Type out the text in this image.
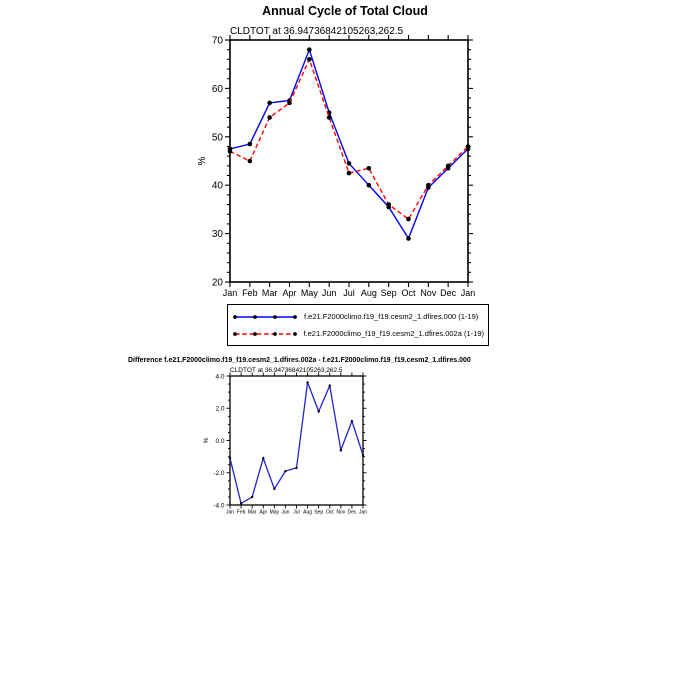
Annual Cycle of Total Cloud
CLDTOT at 36.94736842105263,262.5
20
30
40
50
60
70
Jan Feb Mar Apr May Jun Jul Aug Sep Oct Nov Dec Jan
%
f.e21.F2000climo.f19_f19.cesm2_1.dfires.000 (1-19)
f.e21.F2000climo_f19_f19.cesm2_1.dfires.002a (1-19)
Difference f.e21.F2000climo.f19_f19.cesm2_1.dfires.002a - f.e21.F2000climo.f19_f19.cesm2_1.dfires.000
CLDTOT at 36.94736842105263,262.5
-4.0
-2.0
0.0
2.0
4.0
Jan Feb Mar Apr May Jun Jul Aug Sep Oct Nov Dec Jan
%
